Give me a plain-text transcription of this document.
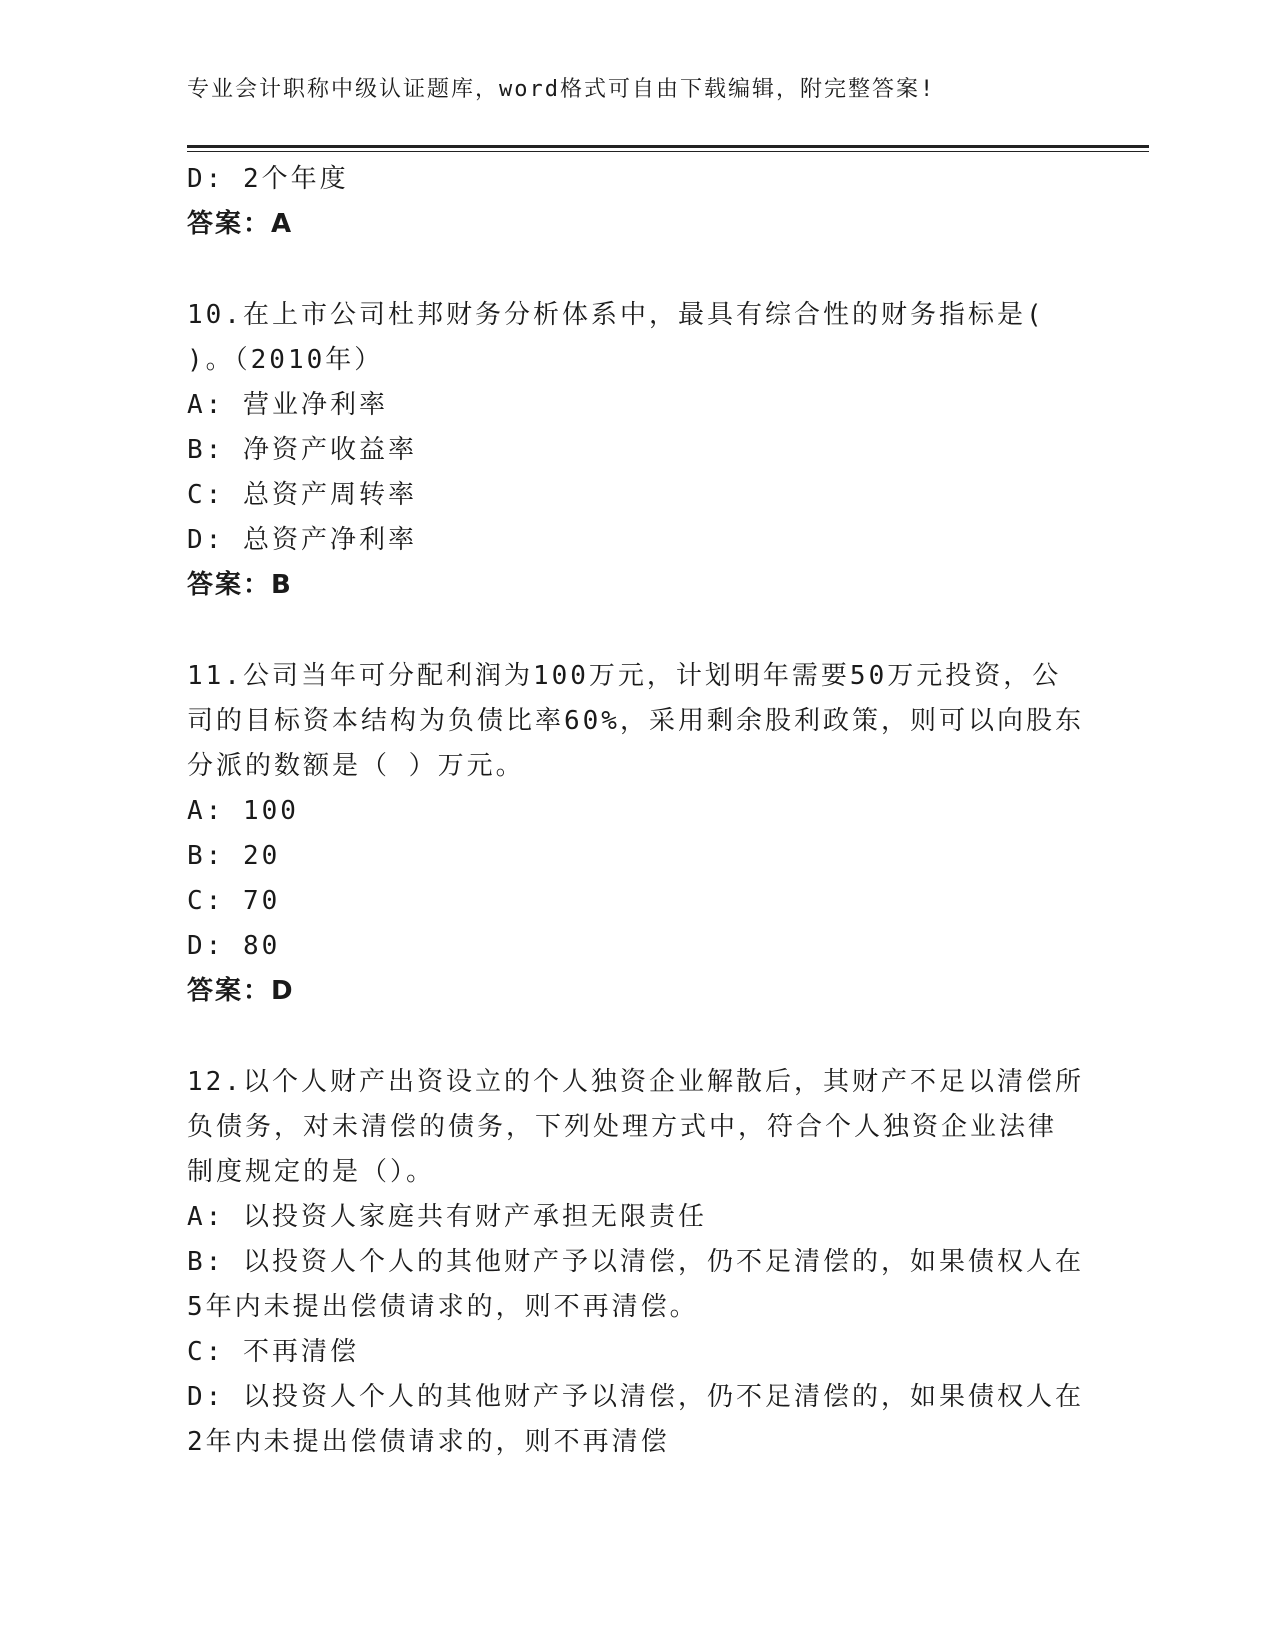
专业会计职称中级认证题库，word格式可自由下载编辑，附完整答案!
D: 2个年度
答案：A
10.在上市公司杜邦财务分析体系中，最具有综合性的财务指标是(
)。（2010年）
A: 营业净利率
B: 净资产收益率
C: 总资产周转率
D: 总资产净利率
答案：B
11.公司当年可分配利润为100万元，计划明年需要50万元投资，公
司的目标资本结构为负债比率60%，采用剩余股利政策，则可以向股东
分派的数额是（ ）万元。
A: 100
B: 20
C: 70
D: 80
答案：D
12.以个人财产出资设立的个人独资企业解散后，其财产不足以清偿所
负债务，对未清偿的债务，下列处理方式中，符合个人独资企业法律
制度规定的是（）。
A: 以投资人家庭共有财产承担无限责任
B: 以投资人个人的其他财产予以清偿，仍不足清偿的，如果债权人在
5年内未提出偿债请求的，则不再清偿。
C: 不再清偿
D: 以投资人个人的其他财产予以清偿，仍不足清偿的，如果债权人在
2年内未提出偿债请求的，则不再清偿
